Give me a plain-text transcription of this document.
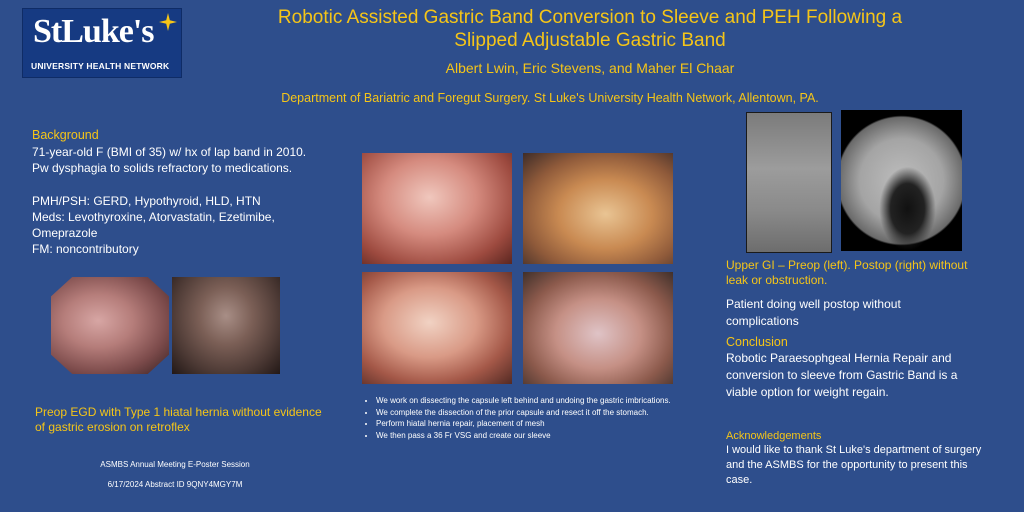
StLuke's
UNIVERSITY HEALTH NETWORK
Robotic Assisted Gastric Band Conversion to Sleeve and PEH Following a
Slipped Adjustable Gastric Band
Albert Lwin, Eric Stevens, and Maher El Chaar
Department of Bariatric and Foregut Surgery. St Luke's University Health Network, Allentown, PA.
Background
71-year-old F (BMI of 35) w/ hx of lap band in 2010.
Pw dysphagia to solids refractory to medications.
PMH/PSH: GERD, Hypothyroid, HLD, HTN
Meds: Levothyroxine, Atorvastatin, Ezetimibe, Omeprazole
FM: noncontributory
Preop EGD with Type 1 hiatal hernia without evidence of gastric erosion on retroflex
ASMBS Annual Meeting E-Poster Session
6/17/2024 Abstract ID 9QNY4MGY7M
• We work on dissecting the capsule left behind and undoing the gastric imbrications.
• We complete the dissection of the prior capsule and resect it off the stomach.
• Perform hiatal hernia repair, placement of mesh
• We then pass a 36 Fr VSG and create our sleeve
Upper GI – Preop (left). Postop (right) without leak or obstruction.
Patient doing well postop without complications
Conclusion
Robotic Paraesophgeal Hernia Repair and conversion to sleeve from Gastric Band is a viable option for weight regain.
Acknowledgements
I would like to thank St Luke's department of surgery and the ASMBS for the opportunity to present this case.
